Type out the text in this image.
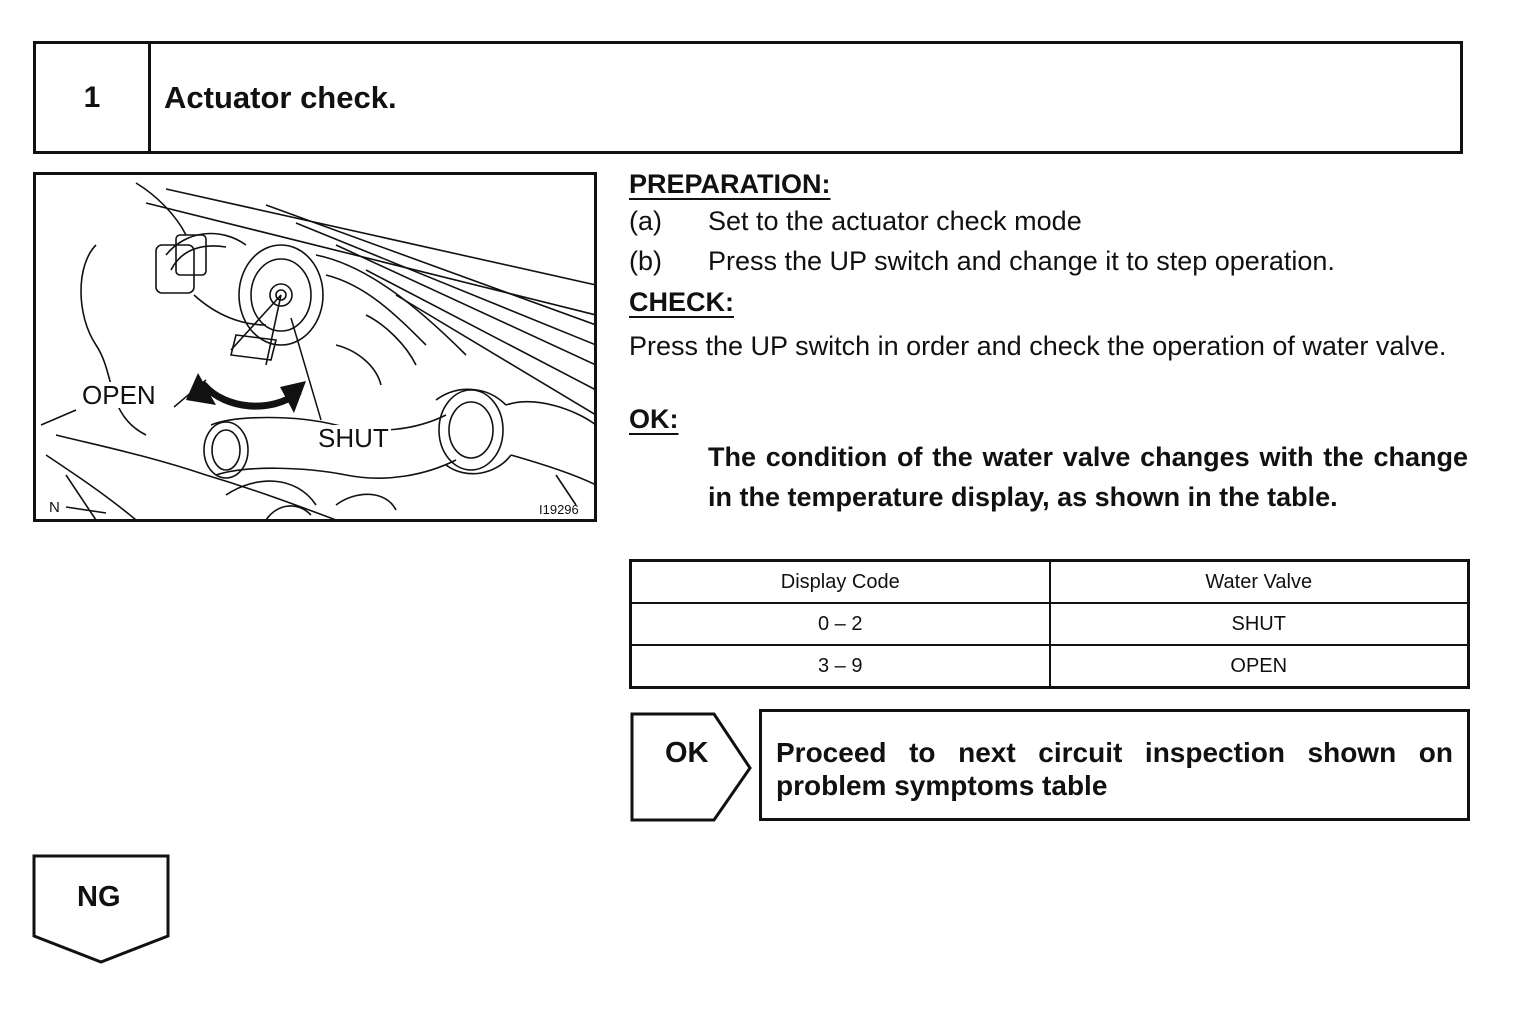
1	Actuator check.
OPEN
SHUT
N	I19296
PREPARATION:
(a) Set to the actuator check mode
(b) Press the UP switch and change it to step operation.
CHECK:
Press the UP switch in order and check the operation of water valve.
OK:
The condition of the water valve changes with the change in the temperature display, as shown in the table.
Display Code	Water Valve
0 – 2	SHUT
3 – 9	OPEN
OK	Proceed to next circuit inspection shown on problem symptoms table
NG
